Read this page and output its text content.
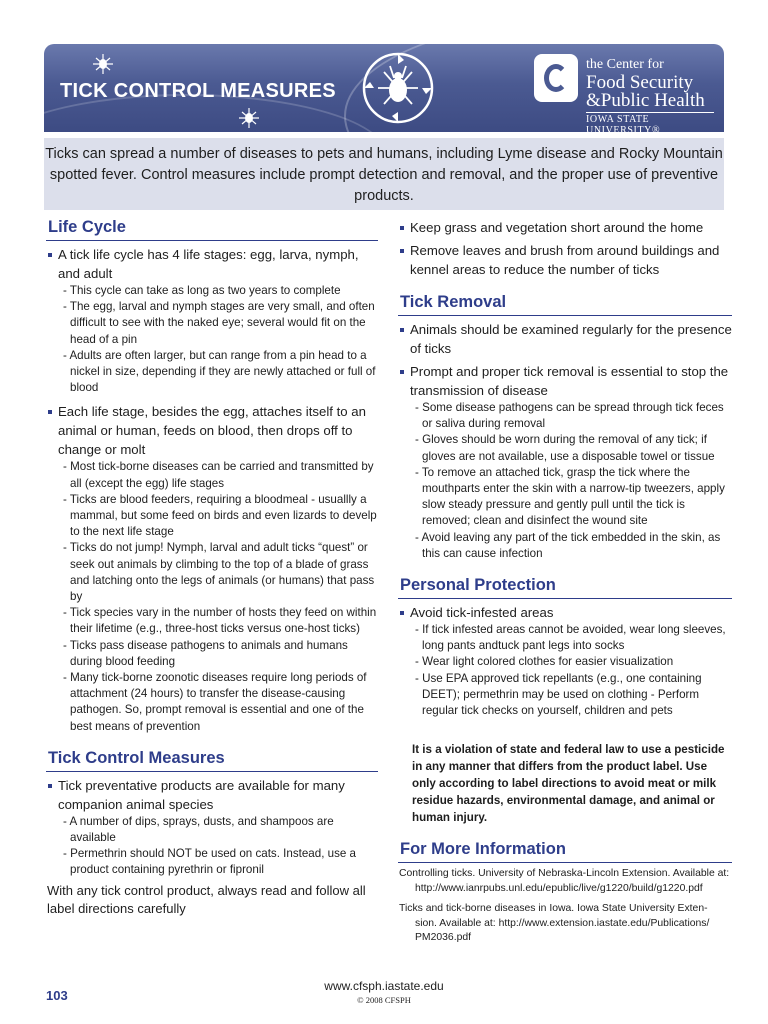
TICK CONTROL MEASURES
the Center for
Food Security
&Public Health
IOWA STATE UNIVERSITY®
Ticks can spread a number of diseases to pets and humans, including Lyme disease and Rocky Mountain spotted fever. Control measures include prompt detection and removal, and the proper use of preventive products.
Life Cycle
A tick life cycle has 4 life stages: egg, larva, nymph, and adult
- This cycle can take as long as two years to complete
- The egg, larval and nymph stages are very small, and often difficult to see with the naked eye; several would fit on the head of a pin
- Adults are often larger, but can range from a pin head to a nickel in size, depending if they are newly attached or full of blood
Each life stage, besides the egg, attaches itself to an animal or human, feeds on blood, then drops off to change or molt
- Most tick-borne diseases can be carried and transmitted by all (except the egg) life stages
- Ticks are blood feeders, requiring a bloodmeal - usuallly a mammal, but some feed on birds and even lizards to develp to the next life stage
- Ticks do not jump! Nymph, larval and adult ticks “quest” or seek out animals by climbing to the top of a blade of grass and latching onto the legs of animals (or humans) that pass by
- Tick species vary in the number of hosts they feed on within their lifetime (e.g., three-host ticks versus one-host ticks)
- Ticks pass disease pathogens to animals and humans during blood feeding
- Many tick-borne zoonotic diseases require long periods of attachment (24 hours) to transfer the disease-causing pathogen. So, prompt removal is essential and one of the best means of prevention
Tick Control Measures
Tick preventative products are available for many companion animal species
- A number of dips, sprays, dusts, and shampoos are available
- Permethrin should NOT be used on cats. Instead, use a product containing pyrethrin or fipronil
With any tick control product, always read and follow all label directions carefully
Keep grass and vegetation short around the home
Remove leaves and brush from around buildings and kennel areas to reduce the number of ticks
Tick Removal
Animals should be examined regularly for the presence of ticks
Prompt and proper tick removal is essential to stop the transmission of disease
- Some disease pathogens can be spread through tick feces or saliva during removal
- Gloves should be worn during the removal of any tick; if gloves are not available, use a disposable towel or tissue
- To remove an attached tick, grasp the tick where the mouthparts enter the skin with a narrow-tip tweezers, apply slow steady pressure and gently pull until the tick is removed; clean and disinfect the wound site
- Avoid leaving any part of the tick embedded in the skin, as this can cause infection
Personal Protection
Avoid tick-infested areas
- If tick infested areas cannot be avoided, wear long sleeves, long pants andtuck pant legs into socks
- Wear light colored clothes for easier visualization
- Use EPA approved tick repellants (e.g., one containing DEET); permethrin may be used on clothing - Perform regular tick checks on yourself, children and pets
It is a violation of state and federal law to use a pesticide in any manner that differs from the product label. Use only according to label directions to avoid meat or milk residue hazards, environmental damage, and animal or human injury.
For More Information
Controlling ticks. University of Nebraska-Lincoln Extension. Available at:
http://www.ianrpubs.unl.edu/epublic/live/g1220/build/g1220.pdf
Ticks and tick-borne diseases in Iowa. Iowa State University Exten-
sion. Available at: http://www.extension.iastate.edu/Publications/
PM2036.pdf
www.cfsph.iastate.edu
© 2008 CFSPH
103
